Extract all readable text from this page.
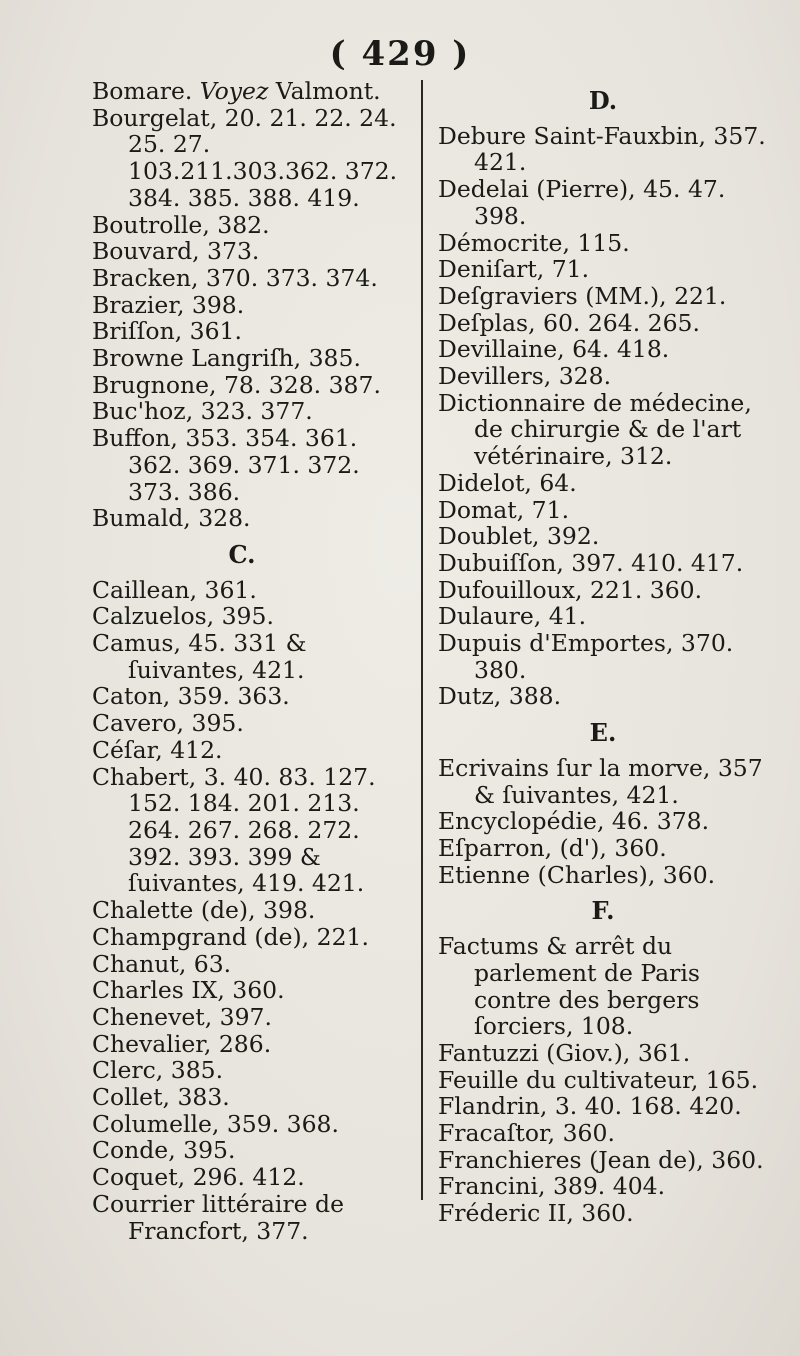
( 429 )
Bomare. Voyez Valmont.
Bourgelat, 20. 21. 22. 24. 25. 27. 103.211.303.362. 372. 384. 385. 388. 419.
Boutrolle, 382.
Bouvard, 373.
Bracken, 370. 373. 374.
Brazier, 398.
Briſſon, 361.
Browne Langriſh, 385.
Brugnone, 78. 328. 387.
Buc'hoz, 323. 377.
Buffon, 353. 354. 361. 362. 369. 371. 372. 373. 386.
Bumald, 328.
C.
Caillean, 361.
Calzuelos, 395.
Camus, 45. 331 & ſuivantes, 421.
Caton, 359. 363.
Cavero, 395.
Céſar, 412.
Chabert, 3. 40. 83. 127. 152. 184. 201. 213. 264. 267. 268. 272. 392. 393. 399 & ſuivantes, 419. 421.
Chalette (de), 398.
Champgrand (de), 221.
Chanut, 63.
Charles IX, 360.
Chenevet, 397.
Chevalier, 286.
Clerc, 385.
Collet, 383.
Columelle, 359. 368.
Conde, 395.
Coquet, 296. 412.
Courrier littéraire de Francfort, 377.
D.
Debure Saint-Fauxbin, 357. 421.
Dedelai (Pierre), 45. 47. 398.
Démocrite, 115.
Deniſart, 71.
Deſgraviers (MM.), 221.
Deſplas, 60. 264. 265.
Devillaine, 64. 418.
Devillers, 328.
Dictionnaire de médecine, de chirurgie & de l'art vétérinaire, 312.
Didelot, 64.
Domat, 71.
Doublet, 392.
Dubuiſſon, 397. 410. 417.
Dufouilloux, 221. 360.
Dulaure, 41.
Dupuis d'Emportes, 370. 380.
Dutz, 388.
E.
Ecrivains ſur la morve, 357 & ſuivantes, 421.
Encyclopédie, 46. 378.
Eſparron, (d'), 360.
Etienne (Charles), 360.
F.
Factums & arrêt du parlement de Paris contre des bergers ſorciers, 108.
Fantuzzi (Giov.), 361.
Feuille du cultivateur, 165.
Flandrin, 3. 40. 168. 420.
Fracaſtor, 360.
Franchieres (Jean de), 360.
Francini, 389. 404.
Fréderic II, 360.
